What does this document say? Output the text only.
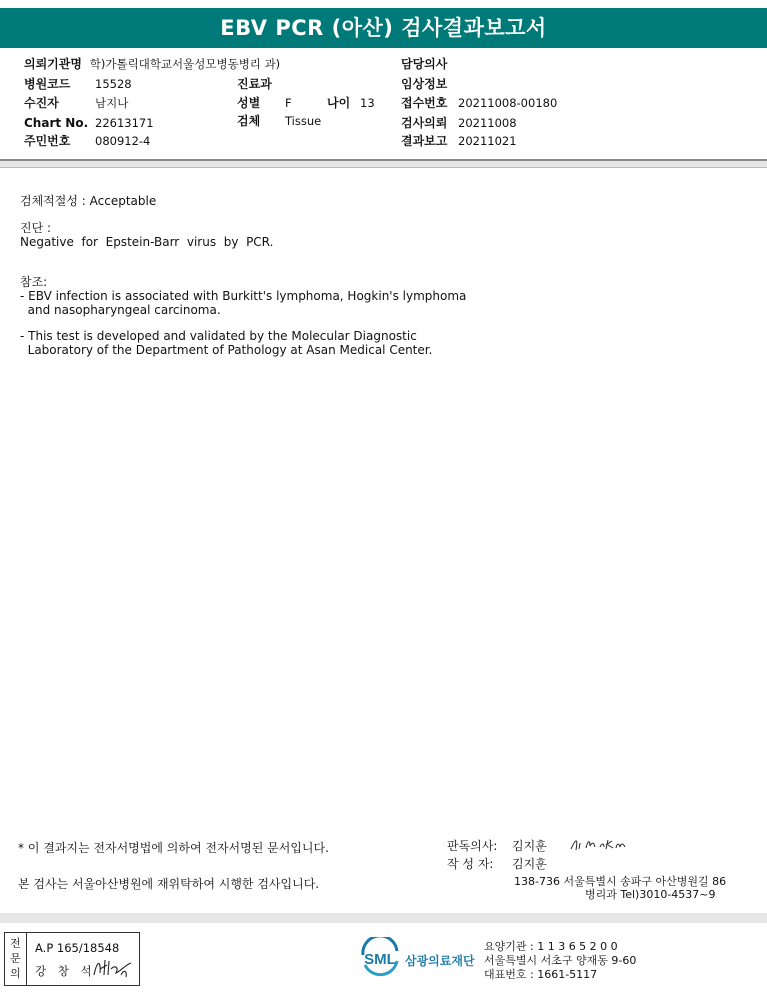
EBV PCR (아산) 검사결과보고서
의뢰기관명 학)가톨릭대학교서울성모병동병리 과)
병원코드 15528
수진자	남지나
Chart No. 22613171
주민번호 080912-4
진료과
성별 F	나이 13
검체 Tissue
담당의사
임상정보
접수번호 20211008-00180
검사의뢰 20211008
결과보고 20211021
검체적절성 : Acceptable
진단 :
Negative  for  Epstein-Barr  virus  by  PCR.
참조:
- EBV infection is associated with Burkitt's lymphoma, Hogkin's lymphoma
and nasopharyngeal carcinoma.
- This test is developed and validated by the Molecular Diagnostic
Laboratory of the Department of Pathology at Asan Medical Center.
* 이 결과지는 전자서명법에 의하여 전자서명된 문서입니다.
본 검사는 서울아산병원에 재위탁하여 시행한 검사입니다.
판독의사: 김지훈
작 성 자: 김지훈
138-736 서울특별시 송파구 아산병원길 86
병리과 Tel)3010-4537~9
전문의
A.P 165/18548
강 창 석
SML 삼광의료재단
요양기관 : 1 1 3 6 5 2 0 0
서울특별시 서초구 양재동 9-60
대표번호 : 1661-5117
